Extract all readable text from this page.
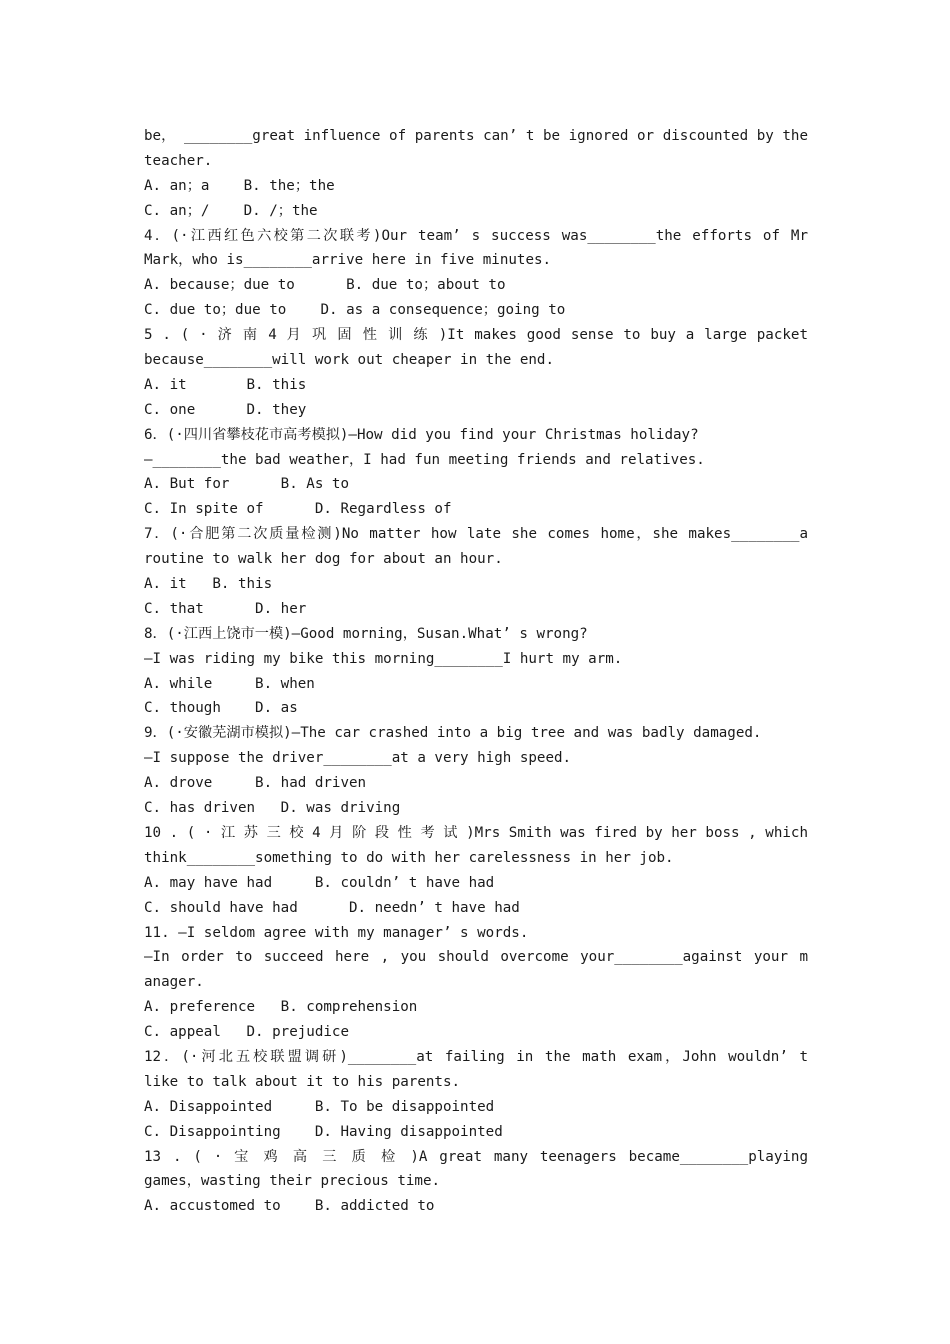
be， ________great influence of parents can’ t be ignored or discounted by the
teacher.
A. an；a    B. the；the
C. an；/    D. /；the
4．(·江西红色六校第二次联考)Our team’ s success was________the efforts of Mr
Mark，who is________arrive here in five minutes.
A. because；due to      B. due to；about to
C. due to；due to    D. as a consequence；going to
5 . ( · 济 南 4 月 巩 固 性 训 练 )It makes good sense to buy a large packet
because________will work out cheaper in the end.
A. it       B. this
C. one      D. they
6．(·四川省攀枝花市高考模拟)—How did you find your Christmas holiday?
—________the bad weather，I had fun meeting friends and relatives.
A. But for      B. As to
C. In spite of      D. Regardless of
7．(·合肥第二次质量检测)No matter how late she comes home，she makes________a
routine to walk her dog for about an hour.
A. it   B. this
C. that      D. her
8．(·江西上饶市一模)—Good morning，Susan.What’ s wrong?
—I was riding my bike this morning________I hurt my arm.
A. while     B. when
C. though    D. as
9．(·安徽芜湖市模拟)—The car crashed into a big tree and was badly damaged.
—I suppose the driver________at a very high speed.
A. drove     B. had driven
C. has driven   D. was driving
10 . ( · 江 苏 三 校 4 月 阶 段 性 考 试 )Mrs Smith was fired by her boss , which
think________something to do with her carelessness in her job.
A. may have had     B. couldn’ t have had
C. should have had      D. needn’ t have had
11. —I seldom agree with my manager’ s words.
—In order to succeed here , you should overcome your________against your m
anager.
A. preference   B. comprehension
C. appeal   D. prejudice
12．(·河北五校联盟调研)________at failing in the math exam，John wouldn’ t
like to talk about it to his parents.
A. Disappointed     B. To be disappointed
C. Disappointing    D. Having disappointed
13 . ( · 宝 鸡 高 三 质 检 )A great many teenagers became________playing
games，wasting their precious time.
A. accustomed to    B. addicted to
